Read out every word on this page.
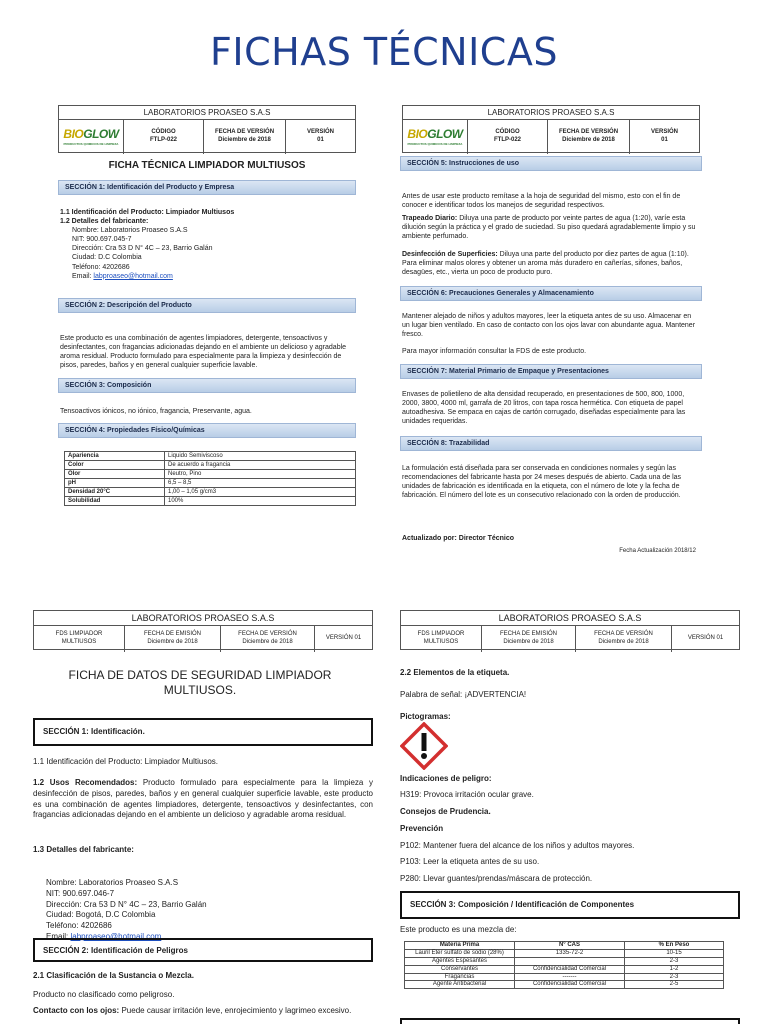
FICHAS TÉCNICAS
LABORATORIOS PROASEO S.A.S
BIOGLOW
PRODUCTOS QUIMICOS DE LIMPIEZA
CÓDIGO
FTLP-022
FECHA DE VERSIÓN
Diciembre de 2018
VERSIÓN
01
FICHA TÉCNICA LIMPIADOR MULTIUSOS
SECCIÓN 1: Identificación del Producto y Empresa
1.1 Identificación del Producto: Limpiador Multiusos
1.2 Detalles del fabricante:
Nombre: Laboratorios Proaseo S.A.S
NIT: 900.697.045-7
Dirección: Cra 53 D N° 4C – 23, Barrio Galán
Ciudad: D.C Colombia
Teléfono: 4202686
Email: labproaseo@hotmail.com
SECCIÓN 2: Descripción del Producto
Este producto es una combinación de agentes limpiadores, detergente, tensoactivos y desinfectantes, con fragancias adicionadas dejando en el ambiente un delicioso y agradable aroma residual. Producto formulado para especialmente para la limpieza y desinfección de pisos, paredes, baños y en general cualquier superficie lavable.
SECCIÓN 3: Composición
Tensoactivos iónicos, no iónico, fragancia, Preservante, agua.
SECCIÓN 4: Propiedades Físico/Químicas
Apariencia	Liquido Semiviscoso
Color	De acuerdo a fragancia
Olor	Neutro, Pino
pH	6,5 – 8,5
Densidad 20°C	1,00 – 1,05 g/cm3
Solubilidad	100%
LABORATORIOS PROASEO S.A.S
BIOGLOW
PRODUCTOS QUIMICOS DE LIMPIEZA
CÓDIGO
FTLP-022
FECHA DE VERSIÓN
Diciembre de 2018
VERSIÓN
01
SECCIÓN 5: Instrucciones de uso
Antes de usar este producto remítase a la hoja de seguridad del mismo, esto con el fin de conocer e identificar todos los manejos de seguridad respectivos.
Trapeado Diario: Diluya una parte de producto por veinte partes de agua (1:20), varíe esta dilución según la práctica y el grado de suciedad. Su piso quedará agradablemente limpio y su ambiente perfumado.
Desinfección de Superficies: Diluya una parte del producto por diez partes de agua (1:10). Para eliminar malos olores y obtener un aroma más duradero en cañerías, sifones, baños, desagües, etc., vierta un poco de producto puro.
SECCIÓN 6: Precauciones Generales y Almacenamiento
Mantener alejado de niños y adultos mayores, leer la etiqueta antes de su uso. Almacenar en un lugar bien ventilado. En caso de contacto con los ojos lavar con abundante agua. Mantener fresco.
Para mayor información consultar la FDS de este producto.
SECCIÓN 7: Material Primario de Empaque y Presentaciones
Envases de polietileno de alta densidad recuperado, en presentaciones de 500, 800, 1000, 2000, 3800, 4000 ml, garrafa de 20 litros, con tapa rosca hermética. Con etiqueta de papel autoadhesiva. Se empaca en cajas de cartón corrugado, diseñadas especialmente para las unidades requeridas.
SECCIÓN 8: Trazabilidad
La formulación está diseñada para ser conservada en condiciones normales y según las recomendaciones del fabricante hasta por 24 meses después de abierto. Cada una de las unidades de fabricación es identificada en la etiqueta, con el número de lote y la fecha de fabricación. El número del lote es un consecutivo relacionado con la orden de producción.
Actualizado por: Director Técnico
Fecha Actualización 2018/12
LABORATORIOS PROASEO S.A.S
FDS LIMPIADOR
MULTIUSOS
FECHA DE EMISIÓN
Diciembre de 2018
FECHA DE VERSIÓN
Diciembre de 2018
VERSIÓN 01
FICHA DE DATOS DE SEGURIDAD LIMPIADOR MULTIUSOS.
SECCIÓN 1: Identificación.
1.1 Identificación del Producto: Limpiador Multiusos.
1.2 Usos Recomendados: Producto formulado para especialmente para la limpieza y desinfección de pisos, paredes, baños y en general cualquier superficie lavable, este producto es una combinación de agentes limpiadores, detergente, tensoactivos y desinfectantes, con fragancias adicionadas dejando en el ambiente un delicioso y agradable aroma residual.
1.3 Detalles del fabricante:
Nombre: Laboratorios Proaseo S.A.S
NIT: 900.697.046-7
Dirección: Cra 53 D N° 4C – 23, Barrio Galán
Ciudad: Bogotá, D.C Colombia
Teléfono: 4202686
Email: labproaseo@hotmail.com
SECCIÓN 2: Identificación de Peligros
2.1 Clasificación de la Sustancia o Mezcla.
Producto no clasificado como peligroso.
Contacto con los ojos: Puede causar irritación leve, enrojecimiento y lagrimeo excesivo.
LABORATORIOS PROASEO S.A.S
FDS LIMPIADOR
MULTIUSOS
FECHA DE EMISIÓN
Diciembre de 2018
FECHA DE VERSIÓN
Diciembre de 2018
VERSIÓN 01
2.2 Elementos de la etiqueta.
Palabra de señal: ¡ADVERTENCIA!
Pictogramas:
Indicaciones de peligro:
H319: Provoca irritación ocular grave.
Consejos de Prudencia.
Prevención
P102: Mantener fuera del alcance de los niños y adultos mayores.
P103: Leer la etiqueta antes de su uso.
P280: Llevar guantes/prendas/máscara de protección.
SECCIÓN 3: Composición / Identificación de Componentes
Este producto es una mezcla de:
Materia Prima	N° CAS	% En Peso
Lauril Eter sulfato de sodio (28%)	1335-72-2	10-15
Agentes Espesantes		2-3
Conservantes	Confidencialidad Comercial	1-2
Fragancias	-------	2-3
Agente Antibacterial	Confidencialidad Comercial	2-5
